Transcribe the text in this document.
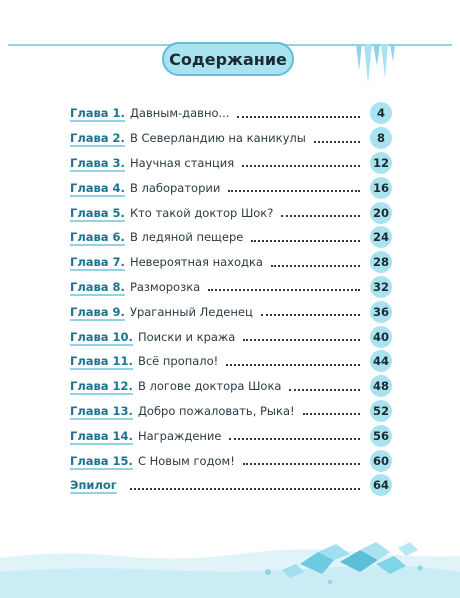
Содержание
Глава 1. Давным-давно...	4
Глава 2. В Северландию на каникулы	8
Глава 3. Научная станция	12
Глава 4. В лаборатории	16
Глава 5. Кто такой доктор Шок?	20
Глава 6. В ледяной пещере	24
Глава 7. Невероятная находка	28
Глава 8. Разморозка	32
Глава 9. Ураганный Леденец	36
Глава 10. Поиски и кража	40
Глава 11. Всё пропало!	44
Глава 12. В логове доктора Шока	48
Глава 13. Добро пожаловать, Рыка!	52
Глава 14. Награждение	56
Глава 15. С Новым годом!	60
Эпилог	64
